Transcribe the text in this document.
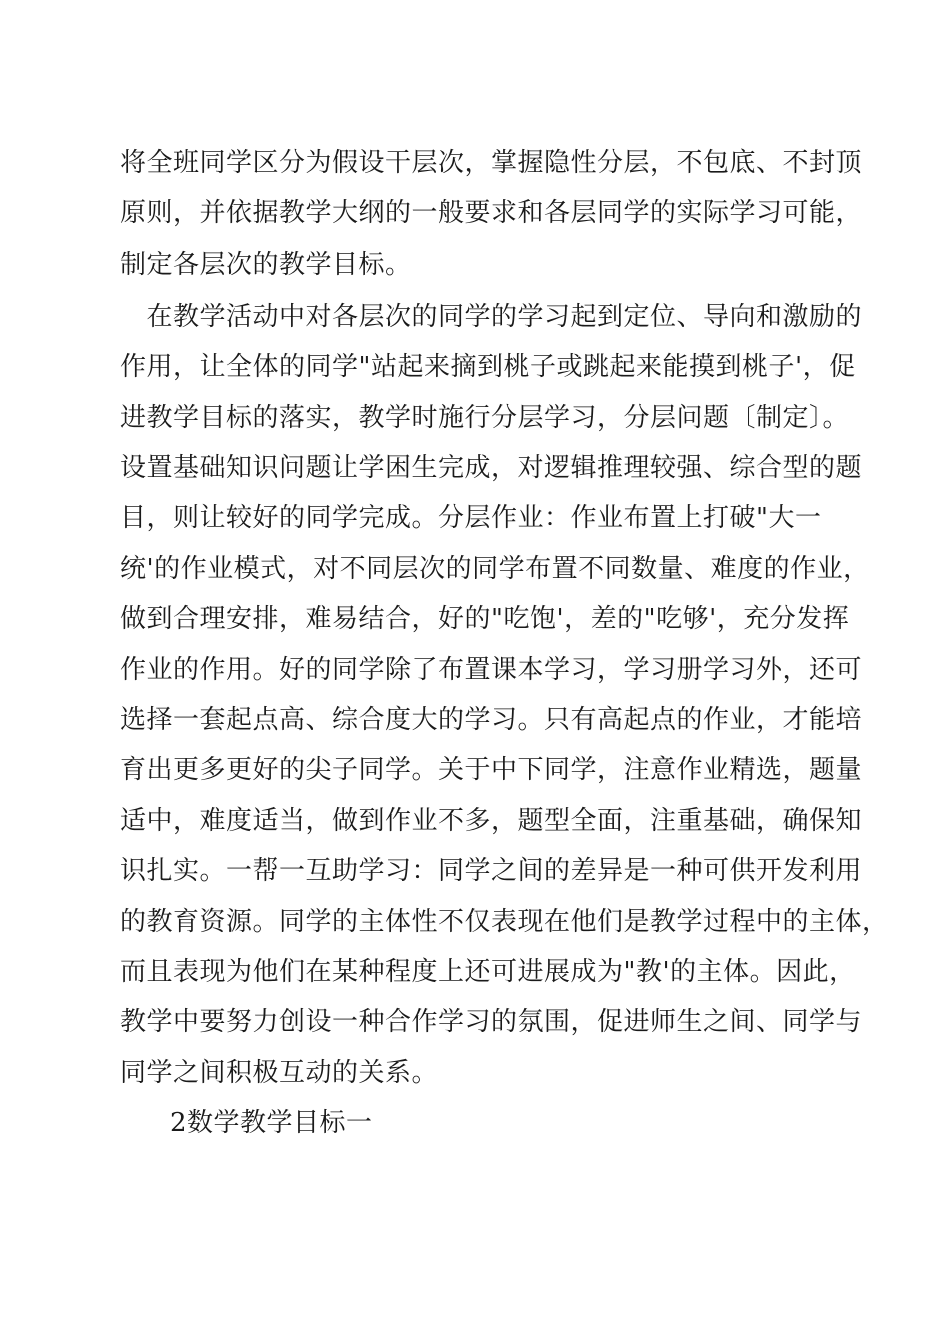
将全班同学区分为假设干层次，掌握隐性分层，不包底、不封顶
原则，并依据教学大纲的一般要求和各层同学的实际学习可能，
制定各层次的教学目标。
　在教学活动中对各层次的同学的学习起到定位、导向和激励的
作用，让全体的同学"站起来摘到桃子或跳起来能摸到桃子'，促
进教学目标的落实，教学时施行分层学习，分层问题〔制定〕。
设置基础知识问题让学困生完成，对逻辑推理较强、综合型的题
目，则让较好的同学完成。分层作业：作业布置上打破"大一
统'的作业模式，对不同层次的同学布置不同数量、难度的作业，
做到合理安排，难易结合，好的"吃饱'，差的"吃够'，充分发挥
作业的作用。好的同学除了布置课本学习，学习册学习外，还可
选择一套起点高、综合度大的学习。只有高起点的作业，才能培
育出更多更好的尖子同学。关于中下同学，注意作业精选，题量
适中，难度适当，做到作业不多，题型全面，注重基础，确保知
识扎实。一帮一互助学习：同学之间的差异是一种可供开发利用
的教育资源。同学的主体性不仅表现在他们是教学过程中的主体，
而且表现为他们在某种程度上还可进展成为"教'的主体。因此，
教学中要努力创设一种合作学习的氛围，促进师生之间、同学与
同学之间积极互动的关系。
2数学教学目标一
